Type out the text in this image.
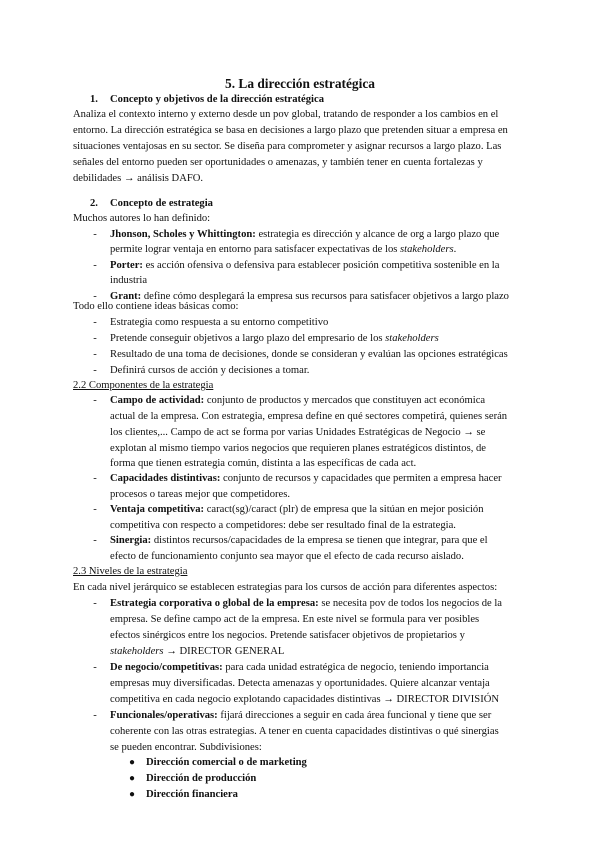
5. La dirección estratégica
1. Concepto y objetivos de la dirección estratégica
Analiza el contexto interno y externo desde un pov global, tratando de responder a los cambios en el
entorno. La dirección estratégica se basa en decisiones a largo plazo que pretenden situar a empresa en
situaciones ventajosas en su sector. Se diseña para comprometer y asignar recursos a largo plazo. Las
señales del entorno pueden ser oportunidades o amenazas, y también tener en cuenta fortalezas y
debilidades → análisis DAFO.
2. Concepto de estrategia
Muchos autores lo han definido:
- Jhonson, Scholes y Whittington: estrategia es dirección y alcance de org a largo plazo que
permite lograr ventaja en entorno para satisfacer expectativas de los stakeholders.
- Porter: es acción ofensiva o defensiva para establecer posición competitiva sostenible en la
industria
- Grant: define cómo desplegará la empresa sus recursos para satisfacer objetivos a largo plazo
Todo ello contiene ideas básicas como:
- Estrategia como respuesta a su entorno competitivo
- Pretende conseguir objetivos a largo plazo del empresario de los stakeholders
- Resultado de una toma de decisiones, donde se consideran y evalúan las opciones estratégicas
- Definirá cursos de acción y decisiones a tomar.
2.2 Componentes de la estrategia
- Campo de actividad: conjunto de productos y mercados que constituyen act económica
actual de la empresa. Con estrategia, empresa define en qué sectores competirá, quienes serán
los clientes,... Campo de act se forma por varias Unidades Estratégicas de Negocio → se
explotan al mismo tiempo varios negocios que requieren planes estratégicos distintos, de
forma que tienen estrategia común, distinta a las específicas de cada act.
- Capacidades distintivas: conjunto de recursos y capacidades que permiten a empresa hacer
procesos o tareas mejor que competidores.
- Ventaja competitiva: caract(sg)/caract (plr) de empresa que la sitúan en mejor posición
competitiva con respecto a competidores: debe ser resultado final de la estrategia.
- Sinergia: distintos recursos/capacidades de la empresa se tienen que integrar, para que el
efecto de funcionamiento conjunto sea mayor que el efecto de cada recurso aislado.
2.3 Niveles de la estrategia
En cada nivel jerárquico se establecen estrategias para los cursos de acción para diferentes aspectos:
- Estrategia corporativa o global de la empresa: se necesita pov de todos los negocios de la
empresa. Se define campo act de la empresa. En este nivel se formula para ver posibles
efectos sinérgicos entre los negocios. Pretende satisfacer objetivos de propietarios y
stakeholders → DIRECTOR GENERAL
- De negocio/competitivas: para cada unidad estratégica de negocio, teniendo importancia
empresas muy diversificadas. Detecta amenazas y oportunidades. Quiere alcanzar ventaja
competitiva en cada negocio explotando capacidades distintivas → DIRECTOR DIVISIÓN
- Funcionales/operativas: fijará direcciones a seguir en cada área funcional y tiene que ser
coherente con las otras estrategias. A tener en cuenta capacidades distintivas o qué sinergias
se pueden encontrar. Subdivisiones:
● Dirección comercial o de marketing
● Dirección de producción
● Dirección financiera
